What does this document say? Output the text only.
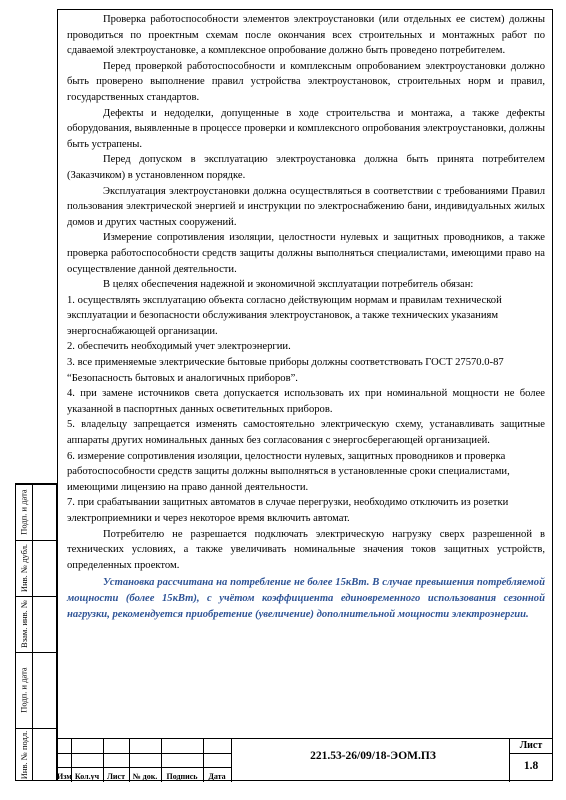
Проверка работоспособности элементов электроустановки (или отдельных ее систем) должны проводиться по проектным схемам после окончания всех строительных и монтажных работ по сдаваемой электроустановке, а комплексное опробование должно быть проведено потребителем.

Перед проверкой работоспособности и комплексным опробованием электроустановки должно быть проверено выполнение правил устройства электроустановок, строительных норм и правил, государственных стандартов.

Дефекты и недоделки, допущенные в ходе строительства и монтажа, а также дефекты оборудования, выявленные в процессе проверки и комплексного опробования электроустановки, должны быть устрапены.

Перед допуском в эксплуатацию электроустановка должна быть принята потребителем (Заказчиком) в установленном порядке.

Эксплуатация электроустановки должна осуществляться в соответствии с требованиями Правил пользования электрической энергией и инструкции по электроснабжению бани, индивидуальных жилых домов и других частных сооружений.

Измерение сопротивления изоляции, целостности нулевых и защитных проводников, а также проверка работоспособности средств защиты должны выполняться специалистами, имеющими право на осуществление данной деятельности.

В целях обеспечения надежной и экономичной эксплуатации потребитель обязан:

1. осуществлять эксплуатацию объекта согласно действующим нормам и правилам технической эксплуатации и безопасности обслуживания электроустановок, а также технических указаниям энергоснабжающей организации.

2. обеспечить необходимый учет электроэнергии.

3. все применяемые электрические бытовые приборы должны соответствовать ГОСТ 27570.0-87 “Безопасность бытовых и аналогичных приборов”.

4. при замене источников света допускается использовать их при номинальной мощности не более указанной в паспортных данных осветительных приборов.

5. владельцу запрещается изменять самостоятельно электрическую схему, устанавливать защитные аппараты других номинальных данных без согласования с энергосберегающей организацией.

6. измерение сопротивления изоляции, целостности нулевых, защитных проводников и проверка работоспособности средств защиты должны выполняться в установленные сроки специалистами, имеющими лицензию на право данной деятельности.

7. при срабатывании защитных автоматов в случае перегрузки, необходимо отключить из розетки электроприемники и через некоторое время включить автомат.

Потребителю не разрешается подключать электрическую нагрузку сверх разрешенной в технических условиях, а также увеличивать номинальные значения токов защитных устройств, определенных проектом.

Установка рассчитана на потребление не более 15кВт. В случае превышения потребляемой мощности (более 15кВт), с учётом коэффициента единовременного использования сезонной нагрузки, рекомендуется приобретение (увеличение) дополнительной мощности электроэнергии.

Подп. и дата
Инв. № дубл.
Взам. инв. №
Подп. и дата
Инв. № подл.	Изм Кол.уч Лист № док.	Подпись	Дата
221.53-26/09/18-ЭОМ.ПЗ
Лист
1.8
